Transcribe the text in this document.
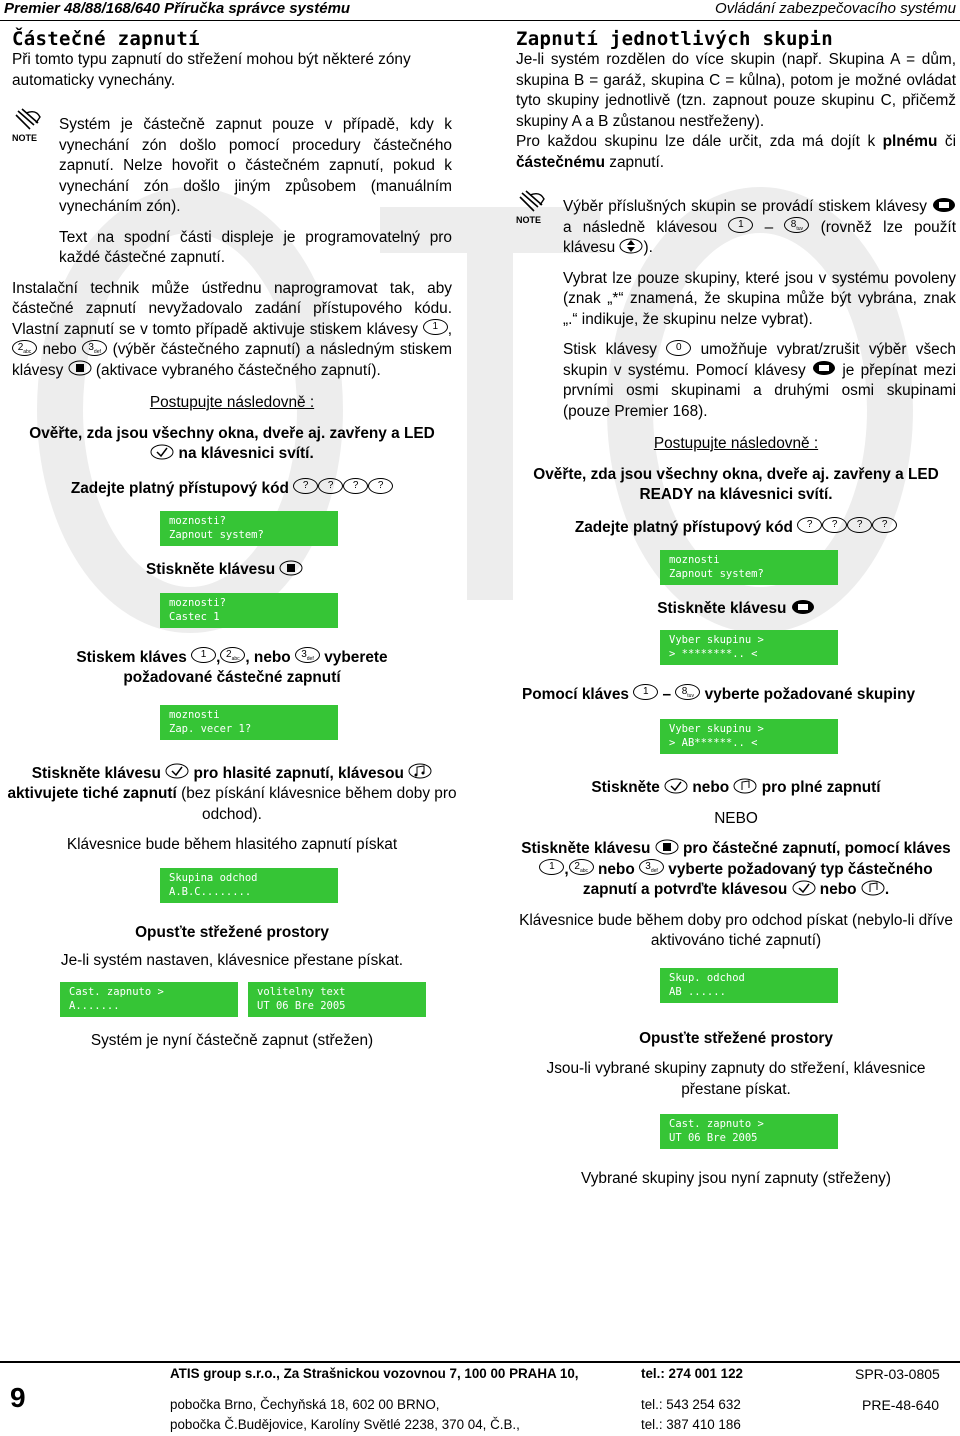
Premier 48/88/168/640 Příručka správce systému	Ovládání zabezpečovacího systému
Částečné zapnutí

Při tomto typu zapnutí do střežení mohou být některé zóny automaticky vynechány.

NOTE

Systém je částečně zapnut pouze v případě, kdy k vynechání zón došlo pomocí procedury částečného zapnutí. Nelze hovořit o částečném zapnutí, pokud k vynechání zón došlo jiným způsobem (manuálním vynecháním zón).

Text na spodní části displeje je programovatelný pro každé částečné zapnutí.

Instalační technik může ústřednu naprogramovat tak, aby částečné zapnutí nevyžadovalo zadání přístupového kódu. Vlastní zapnutí se v tomto případě aktivuje stiskem klávesy 1 $,2_{abc}$ nebo $3_{def}$ (výběr částečného zapnutí) a následným stiskem klávesy (aktivace vybraného částečného zapnutí).

Postupujte následovně :

Ověřte, zda jsou všechny okna, dveře aj. zavřeny a LED
na klávesnici svítí.

Zadejte platný přístupový kód ? ? ? ?

moznosti?
Zapnout system?

Stiskněte klávesu

moznosti?
Castec 1

Stiskem kláves 1 , $2_{abc}$ , nebo $3_{def}$ vyberete
požadované částečné zapnutí

moznosti
Zap. vecer 1?

Stiskněte klávesu pro hlasité zapnutí, klávesou
aktivujete tiché zapnutí (bez pískání klávesnice během doby pro odchod).

Klávesnice bude během hlasitého zapnutí pískat

Skupina odchod
A.B.C........

Opusťte střežené prostory

Je-li systém nastaven, klávesnice přestane pískat.

Cast. zapnuto >
A.......
volitelny text
UT 06 Bre 2005

Systém je nyní částečně zapnut (střežen)

Zapnutí jednotlivých skupin

Je-li systém rozdělen do více skupin (např. Skupina A = dům, skupina B = garáž, skupina C = kůlna), potom je možné ovládat tyto skupiny jednotlivě (tzn. zapnout pouze skupinu C, přičemž skupiny A a B zůstanou nestřeženy).

Pro každou skupinu lze dále určit, zda má dojít k plnému či částečnému zapnutí.

NOTE

Výběr příslušných skupin se provádí stiskem klávesy  a následně klávesou $1 - 8_{tuv}$ (rovněž lze použít klávesu ).

Vybrat lze pouze skupiny, které jsou v systému povoleny (znak „*“ znamená, že skupina může být vybrána, znak „.“ indikuje, že skupinu nelze vybrat).

Stisk klávesy 0 umožňuje vybrat/zrušit výběr všech skupin v systému. Pomocí klávesy je přepínat mezi prvními osmi skupinami a druhými osmi skupinami (pouze Premier 168).

Postupujte následovně :

Ověřte, zda jsou všechny okna, dveře aj. zavřeny a LED READY na klávesnici svítí.

Zadejte platný přístupový kód ? ? ? ?

moznosti
Zapnout system?

Stiskněte klávesu

Vyber skupinu >
> ********.. <

Pomocí kláves $1 - 8_{tuv}$ vyberte požadované skupiny

Vyber skupinu >
> AB******.. <

Stiskněte nebo pro plné zapnutí

NEBO

Stiskněte klávesu pro částečné zapnutí, pomocí kláves 1 , $2_{abc}$ nebo $3_{def}$ vyberte požadovaný typ částečného zapnutí a potvrďte klávesou nebo .

Klávesnice bude během doby pro odchod pískat (nebylo-li dříve aktivováno tiché zapnutí)

Skup. odchod
AB ......

Opusťte střežené prostory

Jsou-li vybrané skupiny zapnuty do střežení, klávesnice přestane pískat.

Cast. zapnuto >
UT 06 Bre 2005

Vybrané skupiny jsou nyní zapnuty (střeženy)

9
ATIS group s.r.o., Za Strašnickou vozovnou 7, 100 00 PRAHA 10,	tel.: 274 001 122	SPR-03-0805
pobočka Brno, Čechyňská 18, 602 00 BRNO,	tel.: 543 254 632	PRE-48-640
pobočka Č.Budějovice, Karolíny Světlé 2238, 370 04, Č.B.,	tel.: 387 410 186
